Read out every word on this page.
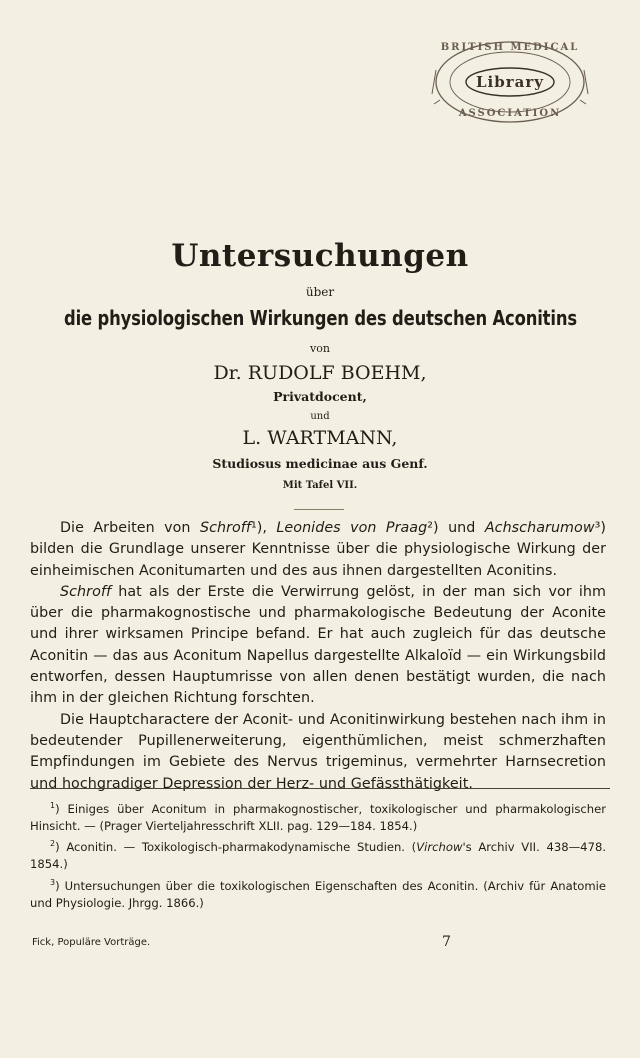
BRITISH MEDICAL
Library
ASSOCIATION
Untersuchungen
über
die physiologischen Wirkungen des deutschen Aconitins
von
Dr. RUDOLF BOEHM,
Privatdocent,
und
L. WARTMANN,
Studiosus medicinae aus Genf.
Mit Tafel VII.

Die Arbeiten von Schroff¹), Leonides von Praag²) und Achscharumow³) bilden die Grundlage unserer Kenntnisse über die physiologische Wirkung der einheimischen Aconitumarten und des aus ihnen dargestellten Aconitins.

Schroff hat als der Erste die Verwirrung gelöst, in der man sich vor ihm über die pharmakognostische und pharmakologische Bedeutung der Aconite und ihrer wirksamen Principe befand. Er hat auch zugleich für das deutsche Aconitin — das aus Aconitum Napellus dargestellte Alkaloïd — ein Wirkungsbild entworfen, dessen Hauptumrisse von allen denen bestätigt wurden, die nach ihm in der gleichen Richtung forschten.

Die Hauptcharactere der Aconit- und Aconitinwirkung bestehen nach ihm in bedeutender Pupillenerweiterung, eigenthümlichen, meist schmerzhaften Empfindungen im Gebiete des Nervus trigeminus, vermehrter Harnsecretion und hochgradiger Depression der Herz- und Gefässthätigkeit.

$^1$) Einiges über Aconitum in pharmakognostischer, toxikologischer und pharmakologischer Hinsicht. — (Prager Vierteljahresschrift XLII. pag. 129—184. 1854.)

$^2$) Aconitin. — Toxikologisch-pharmakodynamische Studien. (Virchow's Archiv VII. 438—478. 1854.)

$^3$) Untersuchungen über die toxikologischen Eigenschaften des Aconitin. (Archiv für Anatomie und Physiologie. Jhrgg. 1866.)

Fick, Populäre Vorträge.	7
